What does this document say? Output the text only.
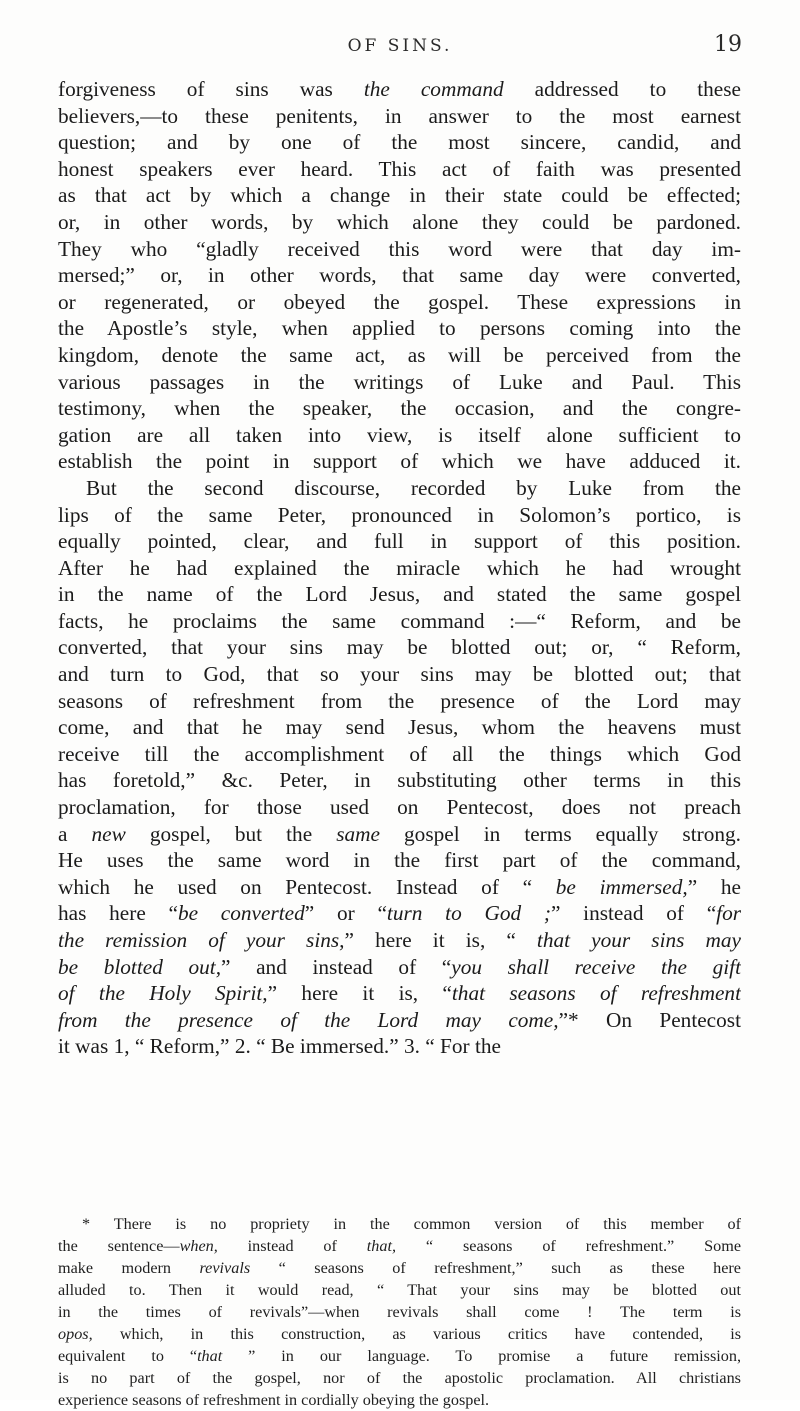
OF SINS.	19
forgiveness of sins was the command addressed to these
believers,—to these penitents, in answer to the most earnest
question; and by one of the most sincere, candid, and
honest speakers ever heard. This act of faith was presented
as that act by which a change in their state could be effected;
or, in other words, by which alone they could be pardoned.
They who “gladly received this word were that day im-
mersed;” or, in other words, that same day were converted,
or regenerated, or obeyed the gospel. These expressions in
the Apostle’s style, when applied to persons coming into the
kingdom, denote the same act, as will be perceived from the
various passages in the writings of Luke and Paul. This
testimony, when the speaker, the occasion, and the congre-
gation are all taken into view, is itself alone sufficient to
establish the point in support of which we have adduced it.
But the second discourse, recorded by Luke from the
lips of the same Peter, pronounced in Solomon’s portico, is
equally pointed, clear, and full in support of this position.
After he had explained the miracle which he had wrought
in the name of the Lord Jesus, and stated the same gospel
facts, he proclaims the same command :—“ Reform, and be
converted, that your sins may be blotted out; or, “ Reform,
and turn to God, that so your sins may be blotted out; that
seasons of refreshment from the presence of the Lord may
come, and that he may send Jesus, whom the heavens must
receive till the accomplishment of all the things which God
has foretold,” &c. Peter, in substituting other terms in this
proclamation, for those used on Pentecost, does not preach
a new gospel, but the same gospel in terms equally strong.
He uses the same word in the first part of the command,
which he used on Pentecost. Instead of “ be immersed,” he
has here “be converted” or “turn to God ;” instead of “for
the remission of your sins,” here it is, “ that your sins may
be blotted out,” and instead of “you shall receive the gift
of the Holy Spirit,” here it is, “that seasons of refreshment
from the presence of the Lord may come,”* On Pentecost
it was 1, “ Reform,” 2. “ Be immersed.” 3. “ For the
* There is no propriety in the common version of this member of
the sentence—when, instead of that, “ seasons of refreshment.” Some
make modern revivals “ seasons of refreshment,” such as these here
alluded to. Then it would read, “ That your sins may be blotted out
in the times of revivals”—when revivals shall come ! The term is
opos, which, in this construction, as various critics have contended, is
equivalent to “that ” in our language. To promise a future remission,
is no part of the gospel, nor of the apostolic proclamation. All christians
experience seasons of refreshment in cordially obeying the gospel.
